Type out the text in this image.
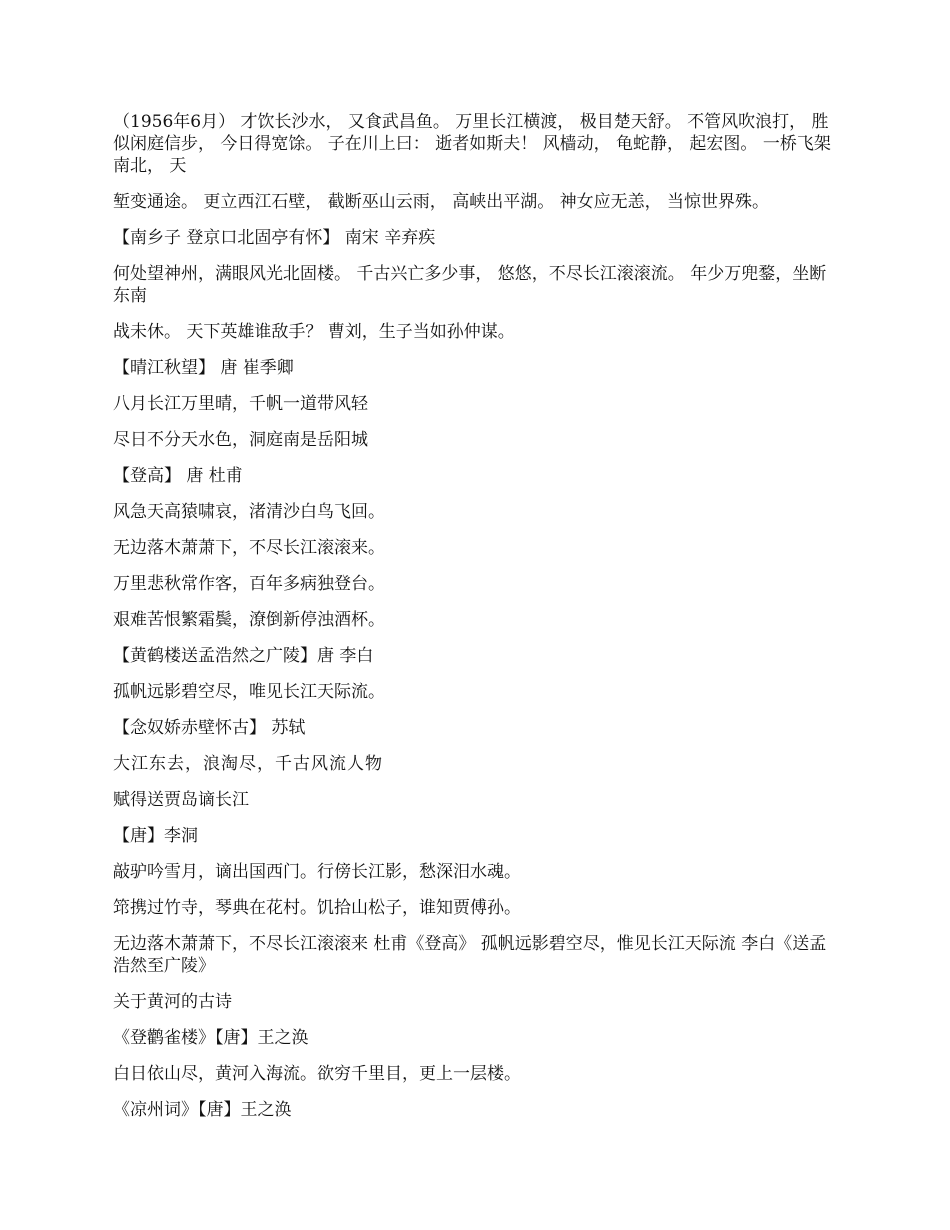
（1956年6月） 才饮长沙水， 又食武昌鱼。 万里长江横渡， 极目楚天舒。 不管风吹浪打， 胜似闲庭信步， 今日得宽馀。 子在川上曰： 逝者如斯夫！ 风樯动， 龟蛇静， 起宏图。 一桥飞架南北， 天

堑变通途。 更立西江石壁， 截断巫山云雨， 高峡出平湖。 神女应无恙， 当惊世界殊。

【南乡子 登京口北固亭有怀】 南宋 辛弃疾

何处望神州，满眼风光北固楼。 千古兴亡多少事， 悠悠，不尽长江滚滚流。 年少万兜鍪，坐断东南

战未休。 天下英雄谁敌手？ 曹刘，生子当如孙仲谋。

【晴江秋望】 唐 崔季卿

八月长江万里晴，千帆一道带风轻

尽日不分天水色，洞庭南是岳阳城

【登高】 唐 杜甫

风急天高猿啸哀，渚清沙白鸟飞回。

无边落木萧萧下，不尽长江滚滚来。

万里悲秋常作客，百年多病独登台。

艰难苦恨繁霜鬓，潦倒新停浊酒杯。

【黄鹤楼送孟浩然之广陵】唐 李白

孤帆远影碧空尽，唯见长江天际流。

【念奴娇赤壁怀古】 苏轼

大江东去，浪淘尽，千古风流人物

赋得送贾岛谪长江

【唐】李洞

敲驴吟雪月，谪出国西门。行傍长江影，愁深汨水魂。

筇携过竹寺，琴典在花村。饥拾山松子，谁知贾傅孙。

无边落木萧萧下，不尽长江滚滚来 杜甫《登高》 孤帆远影碧空尽，惟见长江天际流 李白《送孟浩然至广陵》

关于黄河的古诗

《登鹳雀楼》【唐】王之涣

白日依山尽，黄河入海流。欲穷千里目，更上一层楼。

《凉州词》【唐】王之涣
